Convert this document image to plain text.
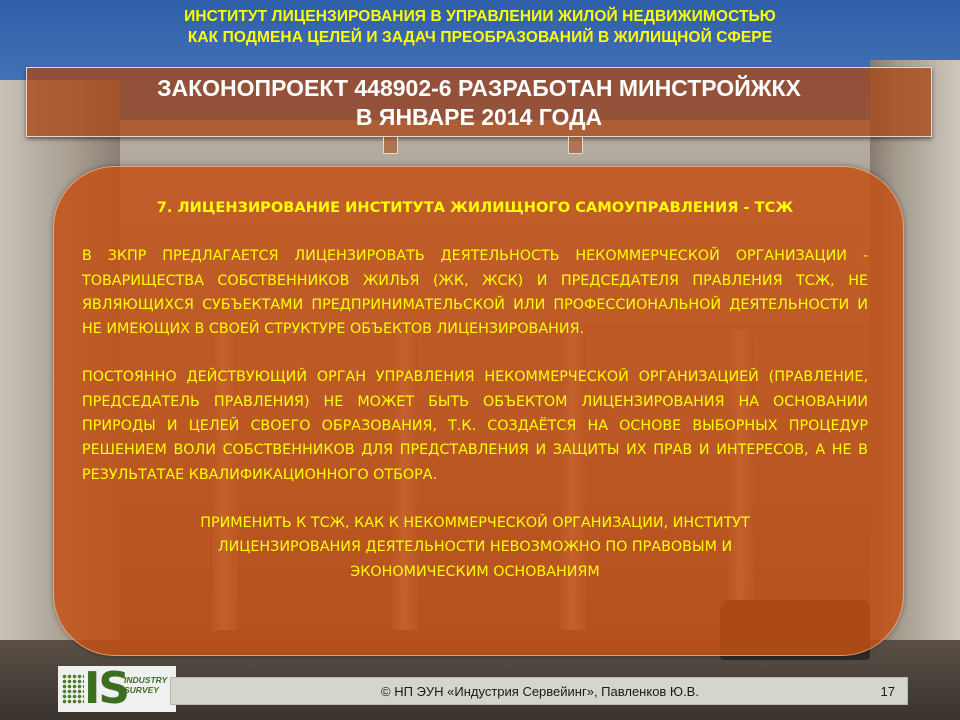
ИНСТИТУТ ЛИЦЕНЗИРОВАНИЯ В УПРАВЛЕНИИ ЖИЛОЙ НЕДВИЖИМОСТЬЮ
КАК ПОДМЕНА ЦЕЛЕЙ И ЗАДАЧ ПРЕОБРАЗОВАНИЙ В ЖИЛИЩНОЙ СФЕРЕ
ЗАКОНОПРОЕКТ 448902-6 РАЗРАБОТАН МИНСТРОЙЖКХ
В ЯНВАРЕ 2014 ГОДА
7. ЛИЦЕНЗИРОВАНИЕ ИНСТИТУТА ЖИЛИЩНОГО САМОУПРАВЛЕНИЯ - ТСЖ
В ЗКПР ПРЕДЛАГАЕТСЯ ЛИЦЕНЗИРОВАТЬ ДЕЯТЕЛЬНОСТЬ НЕКОММЕРЧЕСКОЙ ОРГАНИЗАЦИИ - ТОВАРИЩЕСТВА СОБСТВЕННИКОВ ЖИЛЬЯ (ЖК, ЖСК) И ПРЕДСЕДАТЕЛЯ ПРАВЛЕНИЯ ТСЖ, НЕ ЯВЛЯЮЩИХСЯ СУБЪЕКТАМИ ПРЕДПРИНИМАТЕЛЬСКОЙ ИЛИ ПРОФЕССИОНАЛЬНОЙ ДЕЯТЕЛЬНОСТИ И НЕ ИМЕЮЩИХ В СВОЕЙ СТРУКТУРЕ ОБЪЕКТОВ ЛИЦЕНЗИРОВАНИЯ.
ПОСТОЯННО ДЕЙСТВУЮЩИЙ ОРГАН УПРАВЛЕНИЯ НЕКОММЕРЧЕСКОЙ ОРГАНИЗАЦИЕЙ (ПРАВЛЕНИЕ, ПРЕДСЕДАТЕЛЬ ПРАВЛЕНИЯ) НЕ МОЖЕТ БЫТЬ ОБЪЕКТОМ ЛИЦЕНЗИРОВАНИЯ НА ОСНОВАНИИ ПРИРОДЫ И ЦЕЛЕЙ СВОЕГО ОБРАЗОВАНИЯ, Т.К. СОЗДАЁТСЯ НА ОСНОВЕ ВЫБОРНЫХ ПРОЦЕДУР РЕШЕНИЕМ ВОЛИ СОБСТВЕННИКОВ ДЛЯ ПРЕДСТАВЛЕНИЯ И ЗАЩИТЫ ИХ ПРАВ И ИНТЕРЕСОВ, А НЕ В РЕЗУЛЬТАТАЕ КВАЛИФИКАЦИОННОГО ОТБОРА.
ПРИМЕНИТЬ К ТСЖ, КАК К НЕКОММЕРЧЕСКОЙ ОРГАНИЗАЦИИ, ИНСТИТУТ
ЛИЦЕНЗИРОВАНИЯ ДЕЯТЕЛЬНОСТИ НЕВОЗМОЖНО ПО ПРАВОВЫМ И
ЭКОНОМИЧЕСКИМ ОСНОВАНИЯМ
IS
INDUSTRY
SURVEY	© НП ЭУН «Индустрия Сервейинг», Павленков Ю.В.	17
